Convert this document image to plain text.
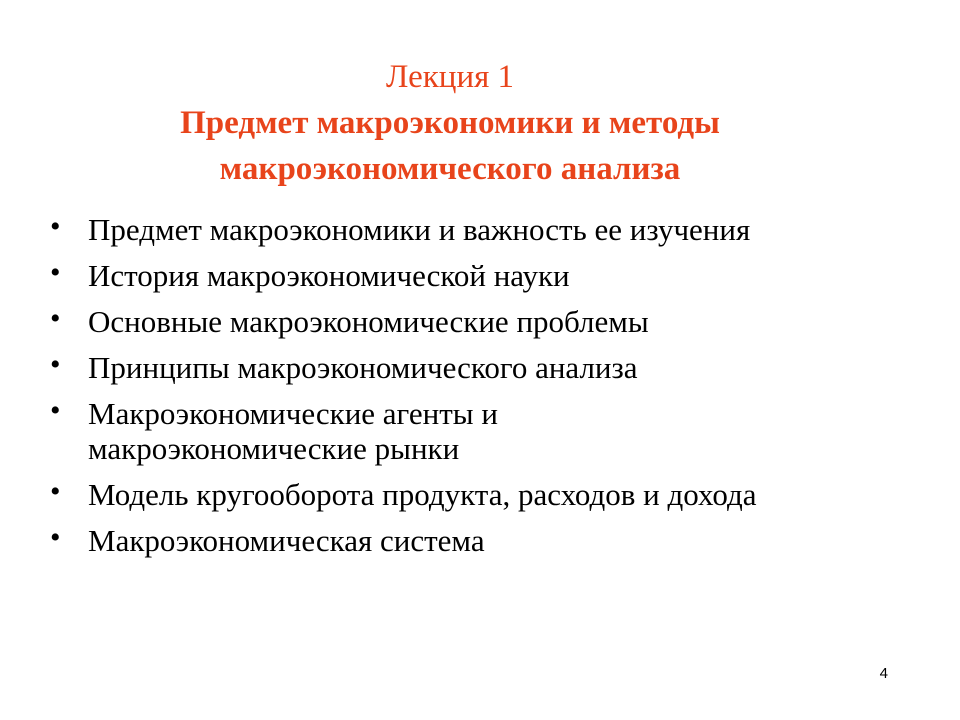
Лекция 1
Предмет макроэкономики и методы
макроэкономического анализа
• Предмет макроэкономики и важность ее изучения
• История макроэкономической науки
• Основные макроэкономические проблемы
• Принципы макроэкономического анализа
• Макроэкономические агенты и
макроэкономические рынки
• Модель кругооборота продукта, расходов и дохода
• Макроэкономическая система
4
